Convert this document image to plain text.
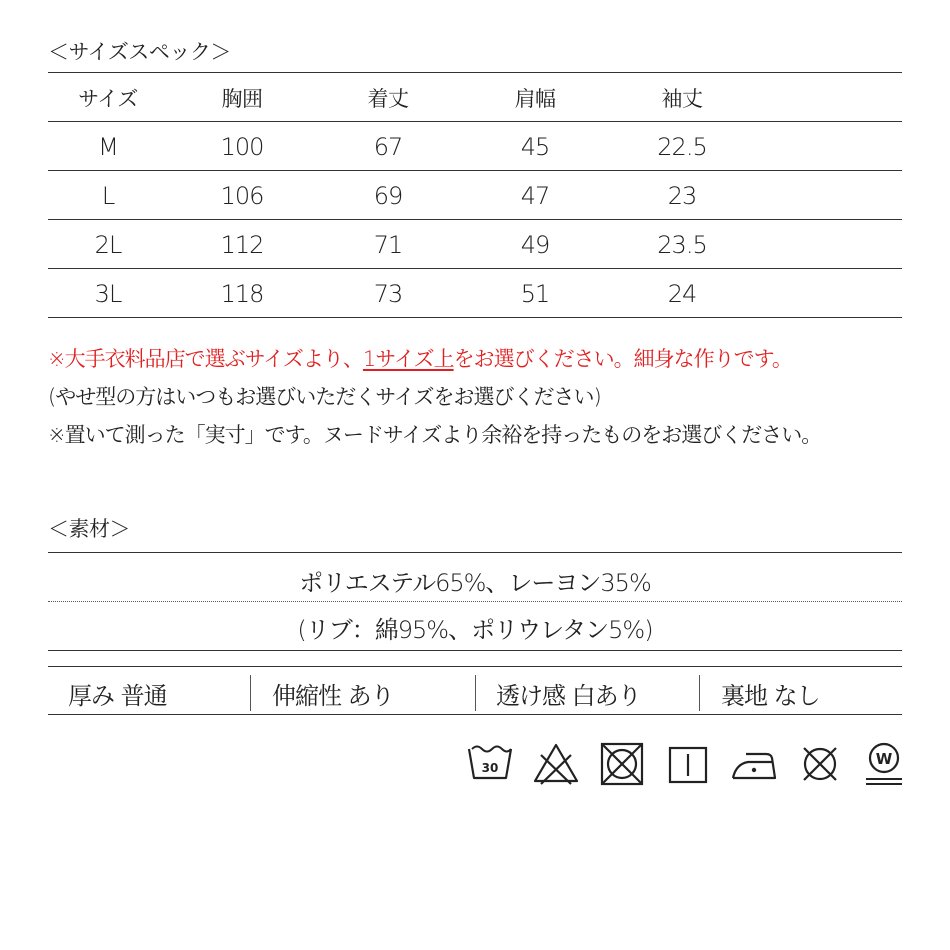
＜サイズスペック＞
サイズ	胸囲	着丈	肩幅	袖丈
M	100	67	45	22.5
L	106	69	47	23
2L	112	71	49	23.5
3L	118	73	51	24
※大手衣料品店で選ぶサイズより、1サイズ上をお選びください。細身な作りです。
(やせ型の方はいつもお選びいただくサイズをお選びください)
※置いて測った「実寸」です。ヌードサイズより余裕を持ったものをお選びください。
＜素材＞
ポリエステル65%、レーヨン35%
(リブ：綿95%、ポリウレタン5%)
厚み 普通	伸縮性 あり	透け感 白あり	裏地 なし
30	W
